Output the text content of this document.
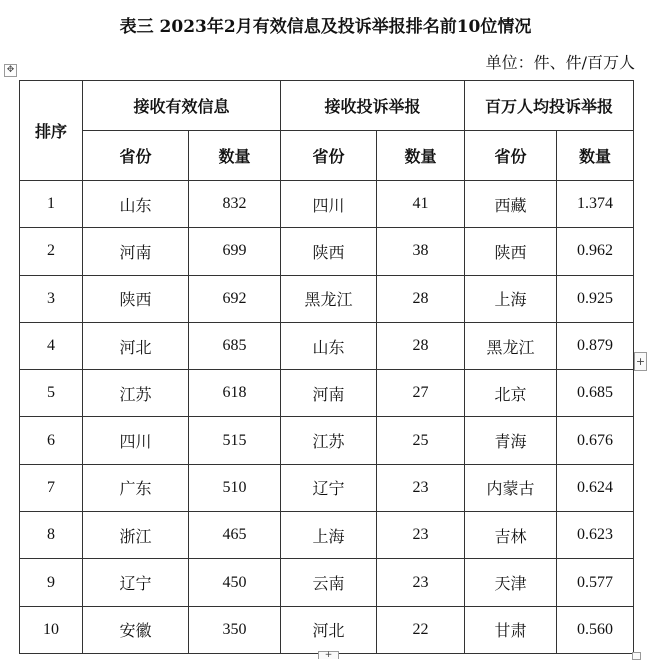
表三 2023年2月有效信息及投诉举报排名前10位情况
✥	单位：件、件/百万人
排序	接收有效信息		接收投诉举报		百万人均投诉举报	
	省份	数量	省份	数量	省份	数量
1	山东	832	四川	41	西藏	1.374
2	河南	699	陕西	38	陕西	0.962
3	陕西	692	黑龙江	28	上海	0.925
4	河北	685	山东	28	黑龙江	0.879
5	江苏	618	河南	27	北京	0.685
6	四川	515	江苏	25	青海	0.676
7	广东	510	辽宁	23	内蒙古	0.624
8	浙江	465	上海	23	吉林	0.623
9	辽宁	450	云南	23	天津	0.577
10	安徽	350	河北	22	甘肃	0.560
+
+
